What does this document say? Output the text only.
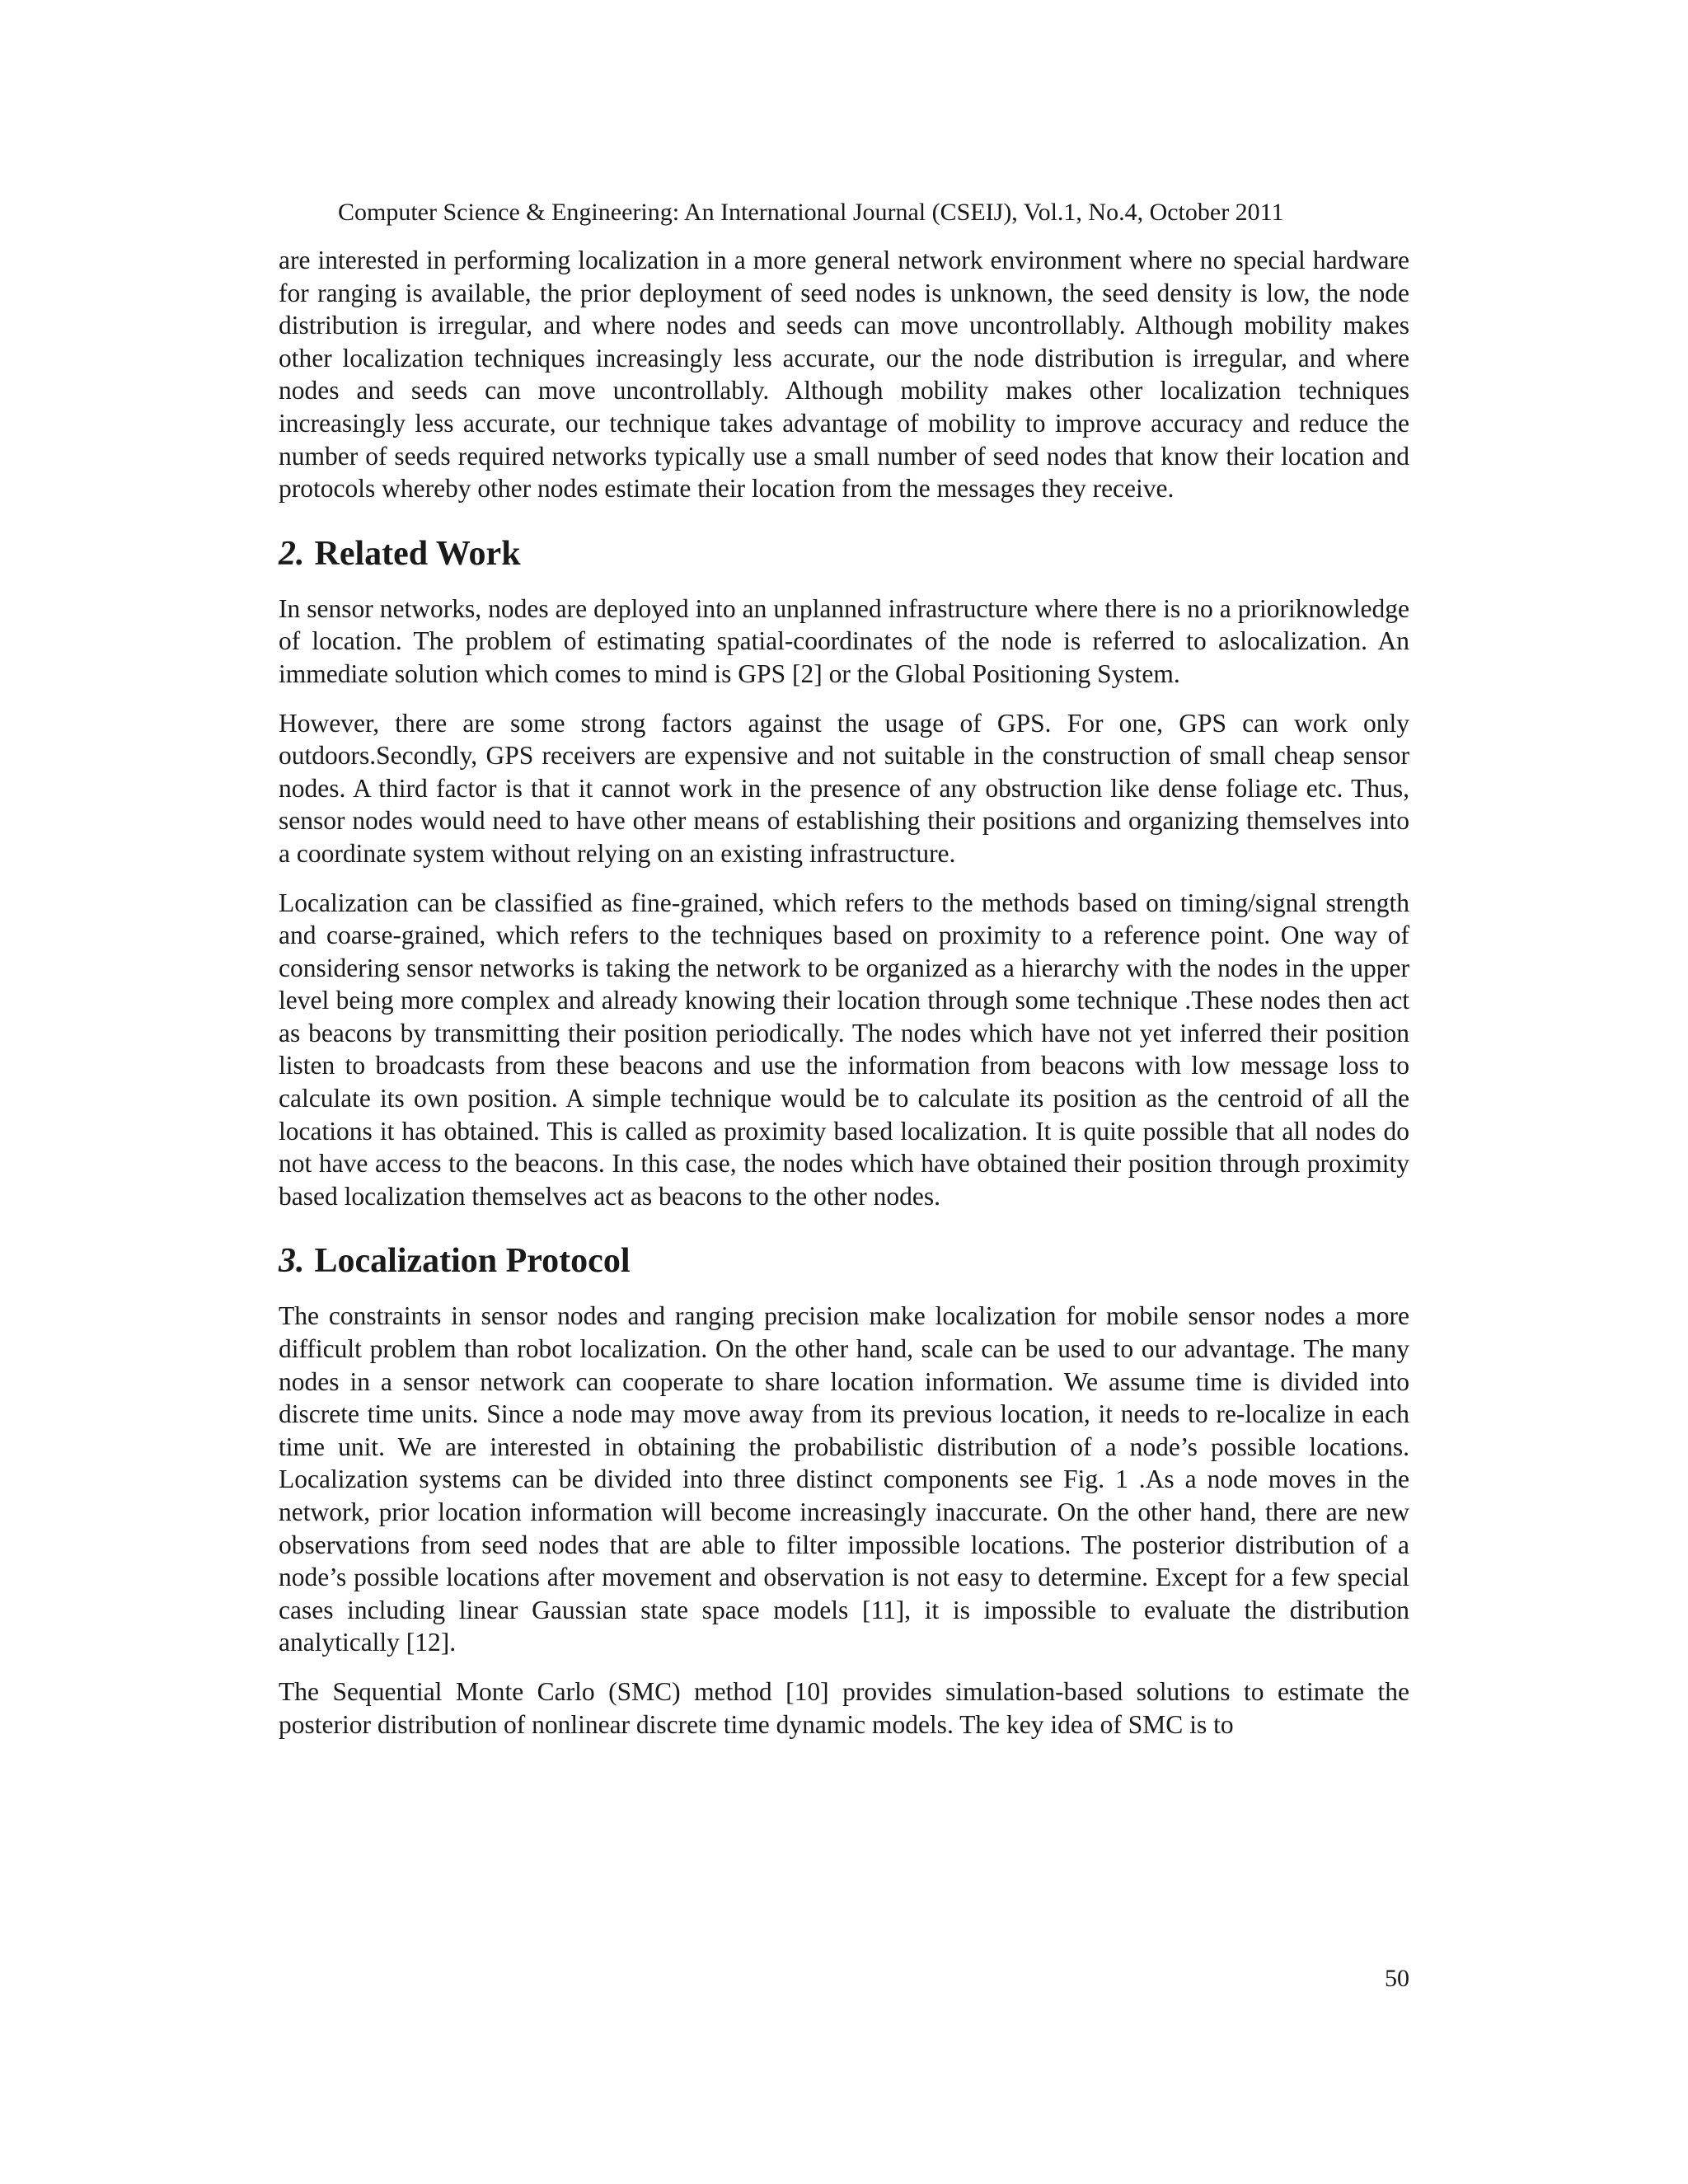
Computer Science & Engineering: An International Journal (CSEIJ), Vol.1, No.4, October 2011

are interested in performing localization in a more general network environment where no special hardware for ranging is available, the prior deployment of seed nodes is unknown, the seed density is low, the node distribution is irregular, and where nodes and seeds can move uncontrollably. Although mobility makes other localization techniques increasingly less accurate, our the node distribution is irregular, and where nodes and seeds can move uncontrollably. Although mobility makes other localization techniques increasingly less accurate, our technique takes advantage of mobility to improve accuracy and reduce the number of seeds required networks typically use a small number of seed nodes that know their location and protocols whereby other nodes estimate their location from the messages they receive.

2. Related Work

In sensor networks, nodes are deployed into an unplanned infrastructure where there is no a prioriknowledge of location. The problem of estimating spatial-coordinates of the node is referred to aslocalization. An immediate solution which comes to mind is GPS [2] or the Global Positioning System.

However, there are some strong factors against the usage of GPS. For one, GPS can work only outdoors.Secondly, GPS receivers are expensive and not suitable in the construction of small cheap sensor nodes. A third factor is that it cannot work in the presence of any obstruction like dense foliage etc. Thus, sensor nodes would need to have other means of establishing their positions and organizing themselves into a coordinate system without relying on an existing infrastructure.

Localization can be classified as fine-grained, which refers to the methods based on timing/signal strength and coarse-grained, which refers to the techniques based on proximity to a reference point. One way of considering sensor networks is taking the network to be organized as a hierarchy with the nodes in the upper level being more complex and already knowing their location through some technique .These nodes then act as beacons by transmitting their position periodically. The nodes which have not yet inferred their position listen to broadcasts from these beacons and use the information from beacons with low message loss to calculate its own position. A simple technique would be to calculate its position as the centroid of all the locations it has obtained. This is called as proximity based localization. It is quite possible that all nodes do not have access to the beacons. In this case, the nodes which have obtained their position through proximity based localization themselves act as beacons to the other nodes.

3. Localization Protocol

The constraints in sensor nodes and ranging precision make localization for mobile sensor nodes a more difficult problem than robot localization. On the other hand, scale can be used to our advantage. The many nodes in a sensor network can cooperate to share location information. We assume time is divided into discrete time units. Since a node may move away from its previous location, it needs to re-localize in each time unit. We are interested in obtaining the probabilistic distribution of a node’s possible locations. Localization systems can be divided into three distinct components see Fig. 1 .As a node moves in the network, prior location information will become increasingly inaccurate. On the other hand, there are new observations from seed nodes that are able to filter impossible locations. The posterior distribution of a node’s possible locations after movement and observation is not easy to determine. Except for a few special cases including linear Gaussian state space models [11], it is impossible to evaluate the distribution analytically [12].

The Sequential Monte Carlo (SMC) method [10] provides simulation-based solutions to estimate the posterior distribution of nonlinear discrete time dynamic models. The key idea of SMC is to

50
